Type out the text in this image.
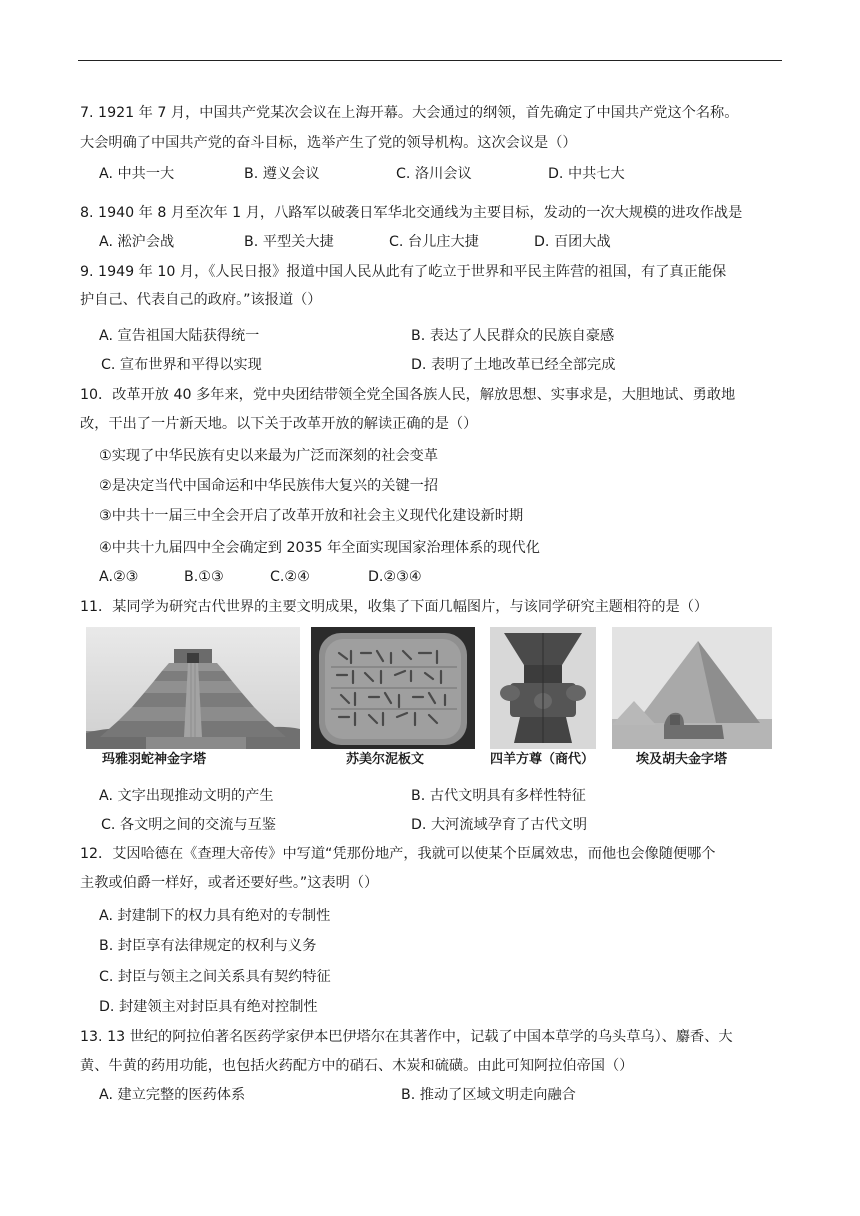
7. 1921 年 7 月，中国共产党某次会议在上海开幕。大会通过的纲领，首先确定了中国共产党这个名称。
大会明确了中国共产党的奋斗目标，选举产生了党的领导机构。这次会议是（）
A. 中共一大	B. 遵义会议	C. 洛川会议	D. 中共七大
8. 1940 年 8 月至次年 1 月，八路军以破袭日军华北交通线为主要目标，发动的一次大规模的进攻作战是
A. 淞沪会战	B. 平型关大捷	C. 台儿庄大捷	D. 百团大战
9. 1949 年 10 月，《人民日报》报道中国人民从此有了屹立于世界和平民主阵营的祖国，有了真正能保
护自己、代表自己的政府。”该报道（）
A. 宣告祖国大陆获得统一	B. 表达了人民群众的民族自豪感
C. 宣布世界和平得以实现	D. 表明了土地改革已经全部完成
10．改革开放 40 多年来，党中央团结带领全党全国各族人民，解放思想、实事求是，大胆地试、勇敢地
改，干出了一片新天地。以下关于改革开放的解读正确的是（）
①实现了中华民族有史以来最为广泛而深刻的社会变革
②是决定当代中国命运和中华民族伟大复兴的关键一招
③中共十一届三中全会开启了改革开放和社会主义现代化建设新时期
④中共十九届四中全会确定到 2035 年全面实现国家治理体系的现代化
A.②③	B.①③	C.②④	D.②③④
11．某同学为研究古代世界的主要文明成果，收集了下面几幅图片，与该同学研究主题相符的是（）
玛雅羽蛇神金字塔	苏美尔泥板文	四羊方尊（商代）	埃及胡夫金字塔
A. 文字出现推动文明的产生	B. 古代文明具有多样性特征
C. 各文明之间的交流与互鉴	D. 大河流域孕育了古代文明
12．艾因哈德在《查理大帝传》中写道“凭那份地产，我就可以使某个臣属效忠，而他也会像随便哪个
主教或伯爵一样好，或者还要好些。”这表明（）
A. 封建制下的权力具有绝对的专制性
B. 封臣享有法律规定的权利与义务
C. 封臣与领主之间关系具有契约特征
D. 封建领主对封臣具有绝对控制性
13. 13 世纪的阿拉伯著名医药学家伊本巴伊塔尔在其著作中，记载了中国本草学的乌头草乌）、麝香、大
黄、牛黄的药用功能，也包括火药配方中的硝石、木炭和硫磺。由此可知阿拉伯帝国（）
A. 建立完整的医药体系	B. 推动了区域文明走向融合
